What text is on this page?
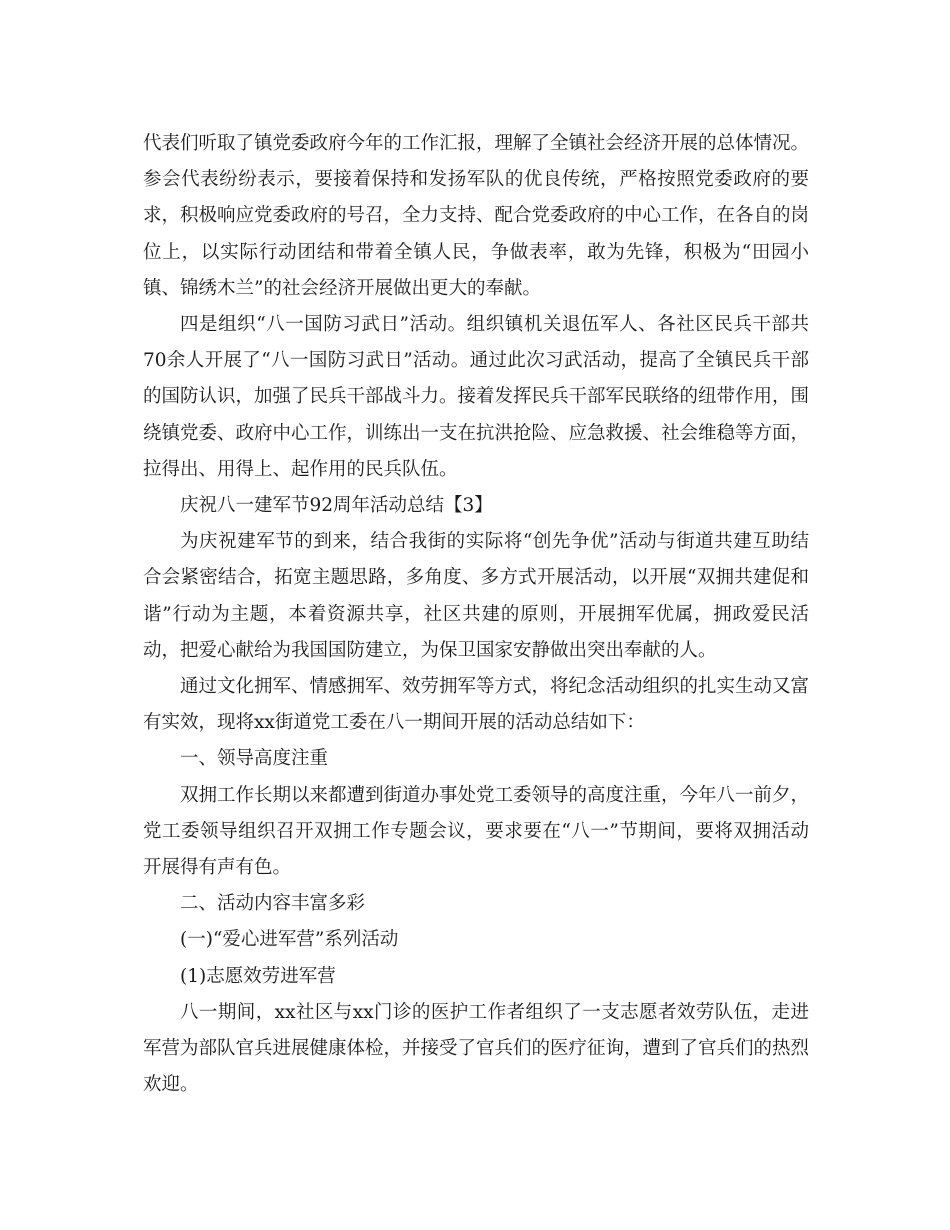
代表们听取了镇党委政府今年的工作汇报，理解了全镇社会经济开展的总体情况。参会代表纷纷表示，要接着保持和发扬军队的优良传统，严格按照党委政府的要求，积极响应党委政府的号召，全力支持、配合党委政府的中心工作，在各自的岗位上，以实际行动团结和带着全镇人民，争做表率，敢为先锋，积极为“田园小镇、锦绣木兰”的社会经济开展做出更大的奉献。

四是组织“八一国防习武日”活动。组织镇机关退伍军人、各社区民兵干部共70余人开展了“八一国防习武日”活动。通过此次习武活动，提高了全镇民兵干部的国防认识，加强了民兵干部战斗力。接着发挥民兵干部军民联络的纽带作用，围绕镇党委、政府中心工作，训练出一支在抗洪抢险、应急救援、社会维稳等方面，拉得出、用得上、起作用的民兵队伍。

庆祝八一建军节92周年活动总结【3】

为庆祝建军节的到来，结合我街的实际将“创先争优”活动与街道共建互助结合会紧密结合，拓宽主题思路，多角度、多方式开展活动，以开展“双拥共建促和谐”行动为主题，本着资源共享，社区共建的原则，开展拥军优属，拥政爱民活动，把爱心献给为我国国防建立，为保卫国家安静做出突出奉献的人。

通过文化拥军、情感拥军、效劳拥军等方式，将纪念活动组织的扎实生动又富有实效，现将xx街道党工委在八一期间开展的活动总结如下：

一、领导高度注重

双拥工作长期以来都遭到街道办事处党工委领导的高度注重，今年八一前夕，党工委领导组织召开双拥工作专题会议，要求要在“八一”节期间，要将双拥活动开展得有声有色。

二、活动内容丰富多彩

(一)“爱心进军营”系列活动

(1)志愿效劳进军营

八一期间，xx社区与xx门诊的医护工作者组织了一支志愿者效劳队伍，走进军营为部队官兵进展健康体检，并接受了官兵们的医疗征询，遭到了官兵们的热烈欢迎。
